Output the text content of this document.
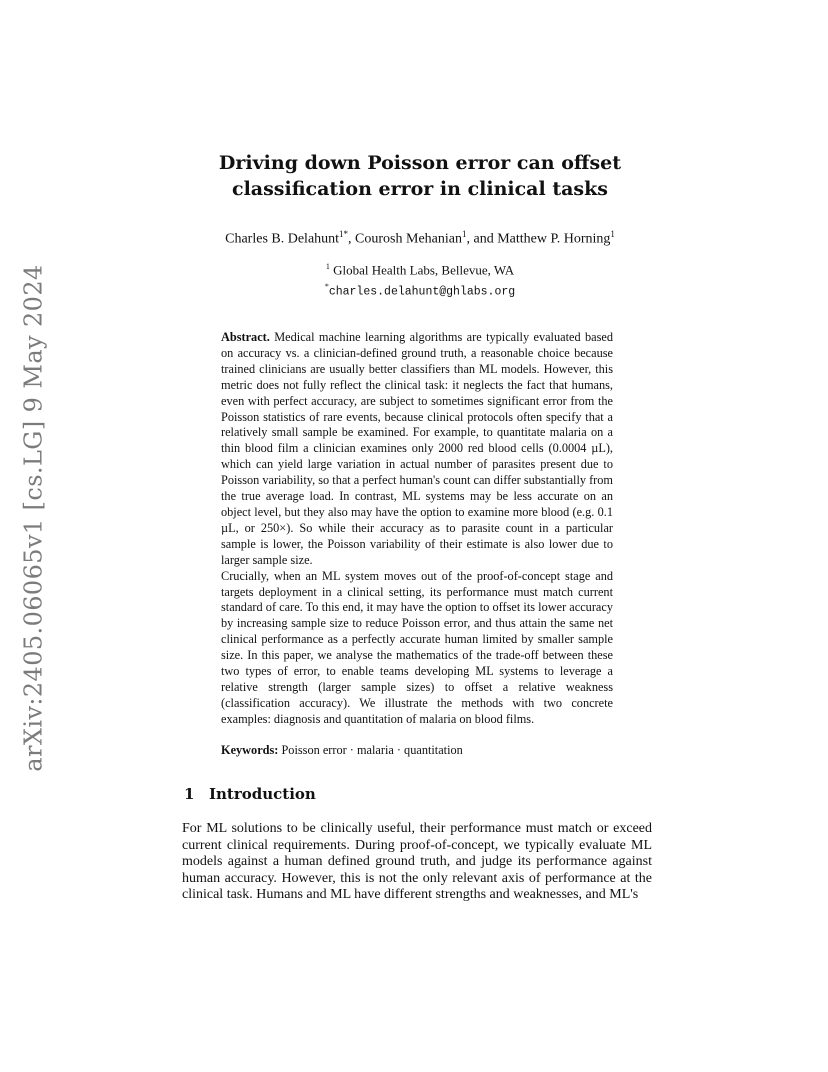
arXiv:2405.06065v1 [cs.LG] 9 May 2024
Driving down Poisson error can offset classification error in clinical tasks
Charles B. Delahunt$^{1*}$, Courosh Mehanian$^1$, and Matthew P. Horning$^1$
$^1$ Global Health Labs, Bellevue, WA
*charles.delahunt@ghlabs.org

Abstract. Medical machine learning algorithms are typically evaluated based on accuracy vs. a clinician-defined ground truth, a reasonable choice because trained clinicians are usually better classifiers than ML models. However, this metric does not fully reflect the clinical task: it neglects the fact that humans, even with perfect accuracy, are subject to sometimes significant error from the Poisson statistics of rare events, because clinical protocols often specify that a relatively small sample be examined. For example, to quantitate malaria on a thin blood film a clinician examines only 2000 red blood cells (0.0004 µL), which can yield large variation in actual number of parasites present due to Poisson variability, so that a perfect human's count can differ substantially from the true average load. In contrast, ML systems may be less accurate on an object level, but they also may have the option to examine more blood (e.g. 0.1 µL, or 250×). So while their accuracy as to parasite count in a particular sample is lower, the Poisson variability of their estimate is also lower due to larger sample size.

Crucially, when an ML system moves out of the proof-of-concept stage and targets deployment in a clinical setting, its performance must match current standard of care. To this end, it may have the option to offset its lower accuracy by increasing sample size to reduce Poisson error, and thus attain the same net clinical performance as a perfectly accurate human limited by smaller sample size. In this paper, we analyse the mathematics of the trade-off between these two types of error, to enable teams developing ML systems to leverage a relative strength (larger sample sizes) to offset a relative weakness (classification accuracy). We illustrate the methods with two concrete examples: diagnosis and quantitation of malaria on blood films.

Keywords: Poisson error · malaria · quantitation
1 Introduction

For ML solutions to be clinically useful, their performance must match or exceed current clinical requirements. During proof-of-concept, we typically evaluate ML models against a human defined ground truth, and judge its performance against human accuracy. However, this is not the only relevant axis of performance at the clinical task. Humans and ML have different strengths and weaknesses, and ML's
